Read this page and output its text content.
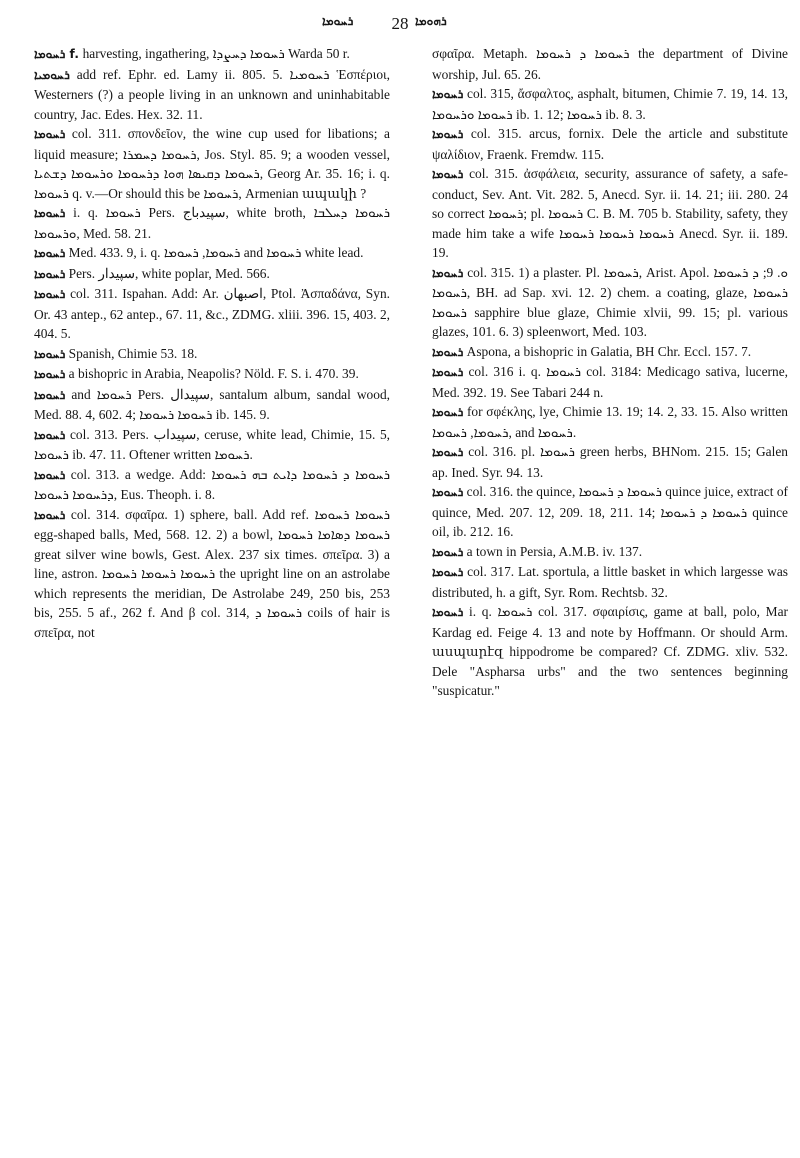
ܪܚܘܡܐ	28 ܪܗܘܡܐ

ܪܚܘܡܐ f. harvesting, ingathering, ܪܚܘܡܐ ܕܚܨܕܐ Warda 50 r.

ܪܚܘܡܝܐ add ref. Ephr. ed. Lamy ii. 805. 5. ܪܚܘܡܝܐ Ἑσπέριοι, Westerners (?) a people living in an unknown and uninhabitable country, Jac. Edes. Hex. 32. 11.

ܪܚܘܡܐ col. 311. σπονδεῖον, the wine cup used for libations; a liquid measure; ܪܚܘܡܐ ܕܚܡܪܐ, Jos. Styl. 85. 9; a wooden vessel, ܪܚܘܡܐ ܕܩܝܣܐ ܗܘܐ ܕܪܚܘܡܐ ܘܪܚܘܡܐ ܕܫܬܝܐ, Georg Ar. 35. 16; i. q. ܪܚܘܡܐ q. v.—Or should this be ܪܚܘܡܐ, Armenian ապակի ?

ܪܚܘܡܐ i. q. ܪܚܘܡܐ Pers. سپيدباج, white broth, ܪܚܘܡܐ ܕܚܠܒܐ ܘܪܚܘܡܐ, Med. 58. 21.

ܪܚܘܡܐ Med. 433. 9, i. q. ܪܚܘܡܐ, ܪܚܘܡܐ and ܪܚܘܡܐ white lead.

ܪܚܘܡܐ Pers. سپيدار, white poplar, Med. 566.

ܪܚܘܡܐ col. 311. Ispahan. Add: Ar. اصبهان, Ptol. Ἀσπαδάνα, Syn. Or. 43 antep., 62 antep., 67. 11, &c., ZDMG. xliii. 396. 15, 403. 2, 404. 5.

ܪܚܘܡܐ Spanish, Chimie 53. 18.

ܪܚܘܡܐ a bishopric in Arabia, Neapolis? Nöld. F. S. i. 470. 39.

ܪܚܘܡܐ and ܪܚܘܡܐ Pers. سپيدال, santalum album, sandal wood, Med. 88. 4, 602. 4; ܪܚܘܡܐ ܪܚܘܡܐ ib. 145. 9.

ܪܚܘܡܐ col. 313. Pers. سپيداب, ceruse, white lead, Chimie, 15. 5, ܪܚܘܡܐ ib. 47. 11. Oftener written ܪܚܘܡܐ.

ܪܚܘܡܐ col. 313. a wedge. Add: ܪܚܘܡܐ ܕ ܪܚܘܡܐ ܕܐܝܬ ܒܗ ܪܚܘܡܐ ܕܪܚܘܡܐ ܪܚܘܡܐ, Eus. Theoph. i. 8.

ܪܚܘܡܐ col. 314. σφαῖρα. 1) sphere, ball. Add ref. ܪܚܘܡܐ ܪܚܘܡܐ egg-shaped balls, Med, 568. 12. 2) a bowl, ܪܚܘܡܐ ܕܣܐܡܐ ܪܚܘܡܐ great silver wine bowls, Gest. Alex. 237 six times. σπεῖρα. 3) a line, astron. ܪܚܘܡܐ ܪܚܘܡܐ ܪܚܘܡܐ the upright line on an astrolabe which represents the meridian, De Astrolabe 249, 250 bis, 253 bis, 255. 5 af., 262 f. And β col. 314, ܪܚܘܡܐ ܕ coils of hair is σπεῖρα, not

σφαῖρα. Metaph. ܪܚܘܡܐ ܕ ܪܚܘܡܐ the department of Divine worship, Jul. 65. 26.

ܪܚܘܡܐ col. 315, ἄσφαλτος, asphalt, bitumen, Chimie 7. 19, 14. 13, ܪܚܘܡܐ ܘܪܚܘܡܐ ib. 1. 12; ܪܚܘܡܐ ib. 8. 3.

ܪܚܘܡܐ col. 315. arcus, fornix. Dele the article and substitute ψαλίδιον, Fraenk. Fremdw. 115.

ܪܚܘܡܐ col. 315. ἀσφάλεια, security, assurance of safety, a safe-conduct, Sev. Ant. Vit. 282. 5, Anecd. Syr. ii. 14. 21; iii. 280. 24 so correct ܪܚܘܡܐ; pl. ܪܚܘܡܐ C. B. M. 705 b. Stability, safety, they made him take a wife ܪܚܘܡܐ ܪܚܘܡܐ ܪܚܘܡܐ Anecd. Syr. ii. 189. 19.

ܪܚܘܡܐ col. 315. 1) a plaster. Pl. ܪܚܘܡܐ, Arist. Apol. ܘ. 9; ܕ ܪܚܘܡܐ ܪܚܘܡܐ, BH. ad Sap. xvi. 12. 2) chem. a coating, glaze, ܪܚܘܡܐ ܪܚܘܡܐ sapphire blue glaze, Chimie xlvii, 99. 15; pl. various glazes, 101. 6. 3) spleenwort, Med. 103.

ܪܚܘܡܐ Aspona, a bishopric in Galatia, BH Chr. Eccl. 157. 7.

ܪܚܘܡܐ col. 316 i. q. ܪܚܘܡܐ col. 3184: Medicago sativa, lucerne, Med. 392. 19. See Tabari 244 n.

ܪܚܘܡܐ for σφέκλης, lye, Chimie 13. 19; 14. 2, 33. 15. Also written ܪܚܘܡܐ, ܪܚܘܡܐ, and ܪܚܘܡܐ.

ܪܚܘܡܐ col. 316. pl. ܪܚܘܡܐ green herbs, BHNom. 215. 15; Galen ap. Ined. Syr. 94. 13.

ܪܚܘܡܐ col. 316. the quince, ܪܚܘܡܐ ܕ ܪܚܘܡܐ quince juice, extract of quince, Med. 207. 12, 209. 18, 211. 14; ܪܚܘܡܐ ܕ ܪܚܘܡܐ quince oil, ib. 212. 16.

ܪܚܘܡܐ a town in Persia, A.M.B. iv. 137.

ܪܚܘܡܐ col. 317. Lat. sportula, a little basket in which largesse was distributed, h. a gift, Syr. Rom. Rechtsb. 32.

ܪܚܘܡܐ i. q. ܪܚܘܡܐ col. 317. σφαιρίσις, game at ball, polo, Mar Kardag ed. Feige 4. 13 and note by Hoffmann. Or should Arm. ասպարէզ hippodrome be compared? Cf. ZDMG. xliv. 532. Dele "Aspharsa urbs" and the two sentences beginning "suspicatur."
